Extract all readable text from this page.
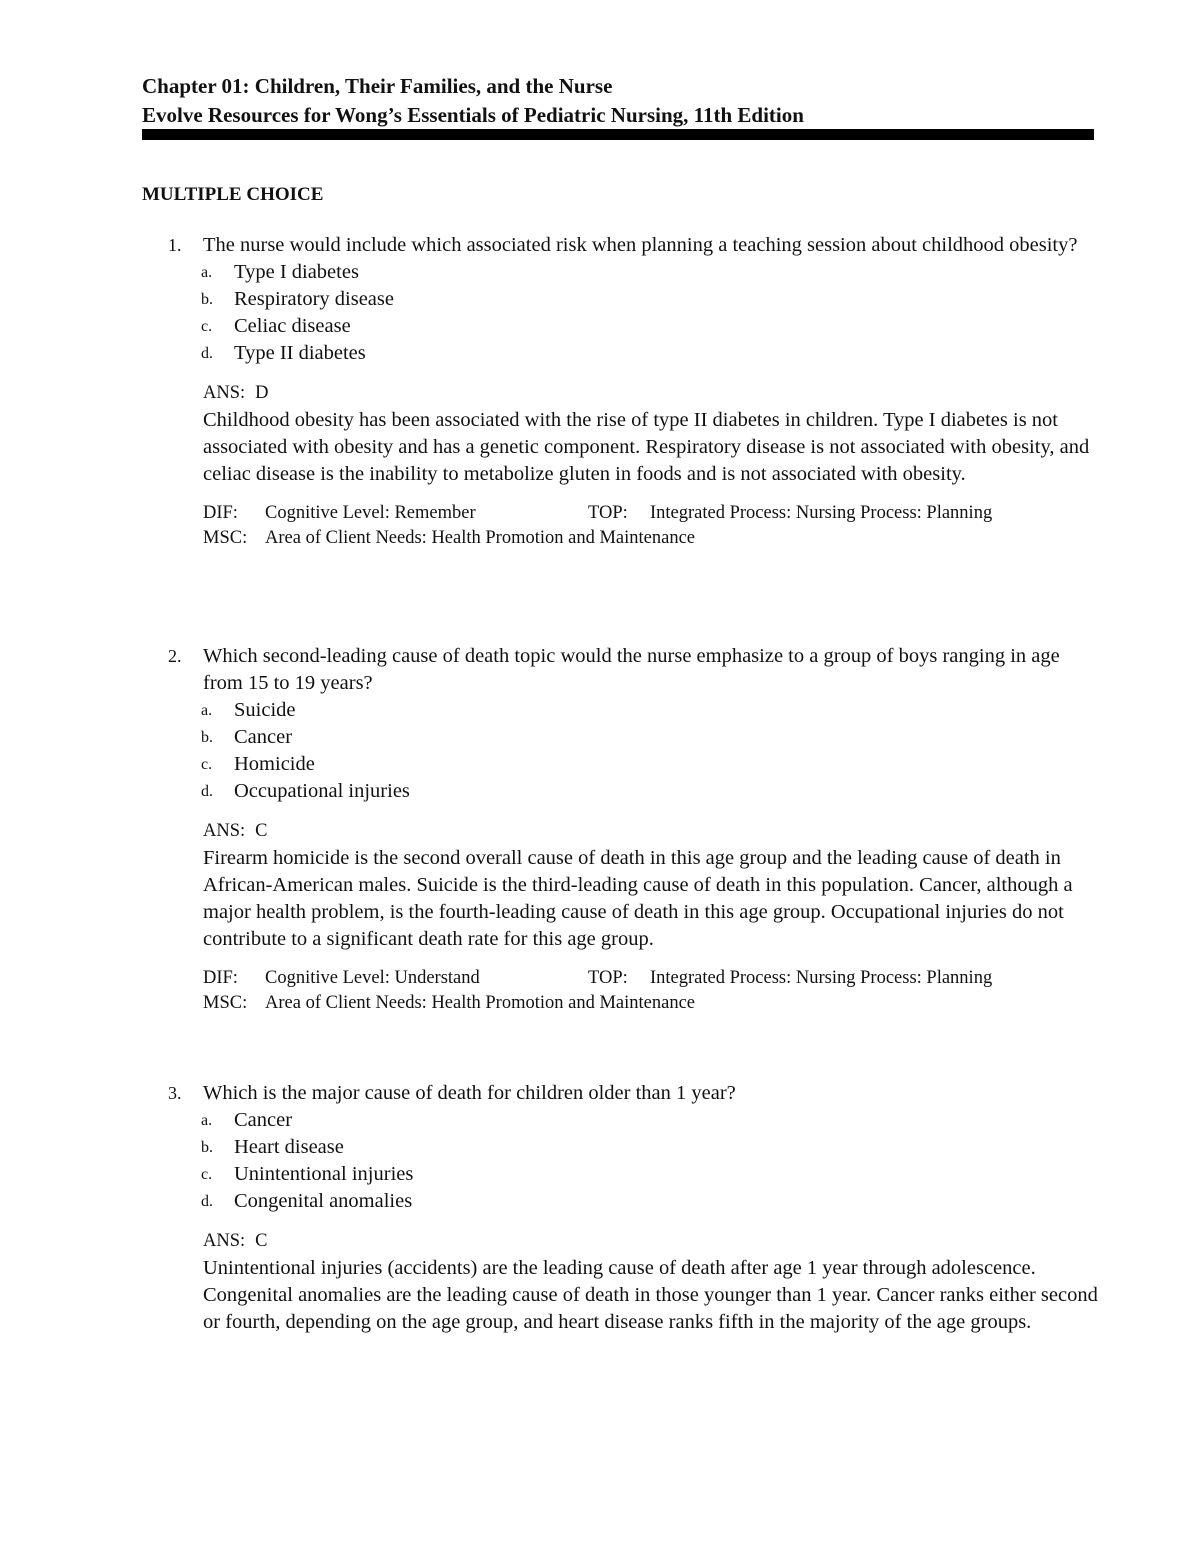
Chapter 01: Children, Their Families, and the Nurse
Evolve Resources for Wong’s Essentials of Pediatric Nursing, 11th Edition
MULTIPLE CHOICE
1. The nurse would include which associated risk when planning a teaching session about childhood obesity?

a. Type I diabetes
b. Respiratory disease
c. Celiac disease
d. Type II diabetes
ANS: D

Childhood obesity has been associated with the rise of type II diabetes in children. Type I diabetes is not associated with obesity and has a genetic component. Respiratory disease is not associated with obesity, and celiac disease is the inability to metabolize gluten in foods and is not associated with obesity.

DIF: Cognitive Level: Remember	TOP: Integrated Process: Nursing Process: Planning
MSC: Area of Client Needs: Health Promotion and Maintenance
2. Which second-leading cause of death topic would the nurse emphasize to a group of boys ranging in age from 15 to 19 years?

a. Suicide
b. Cancer
c. Homicide
d. Occupational injuries
ANS: C

Firearm homicide is the second overall cause of death in this age group and the leading cause of death in African-American males. Suicide is the third-leading cause of death in this population. Cancer, although a major health problem, is the fourth-leading cause of death in this age group. Occupational injuries do not contribute to a significant death rate for this age group.

DIF: Cognitive Level: Understand	TOP: Integrated Process: Nursing Process: Planning
MSC: Area of Client Needs: Health Promotion and Maintenance
3. Which is the major cause of death for children older than 1 year?

a. Cancer
b. Heart disease
c. Unintentional injuries
d. Congenital anomalies
ANS: C

Unintentional injuries (accidents) are the leading cause of death after age 1 year through adolescence. Congenital anomalies are the leading cause of death in those younger than 1 year. Cancer ranks either second or fourth, depending on the age group, and heart disease ranks fifth in the majority of the age groups.
